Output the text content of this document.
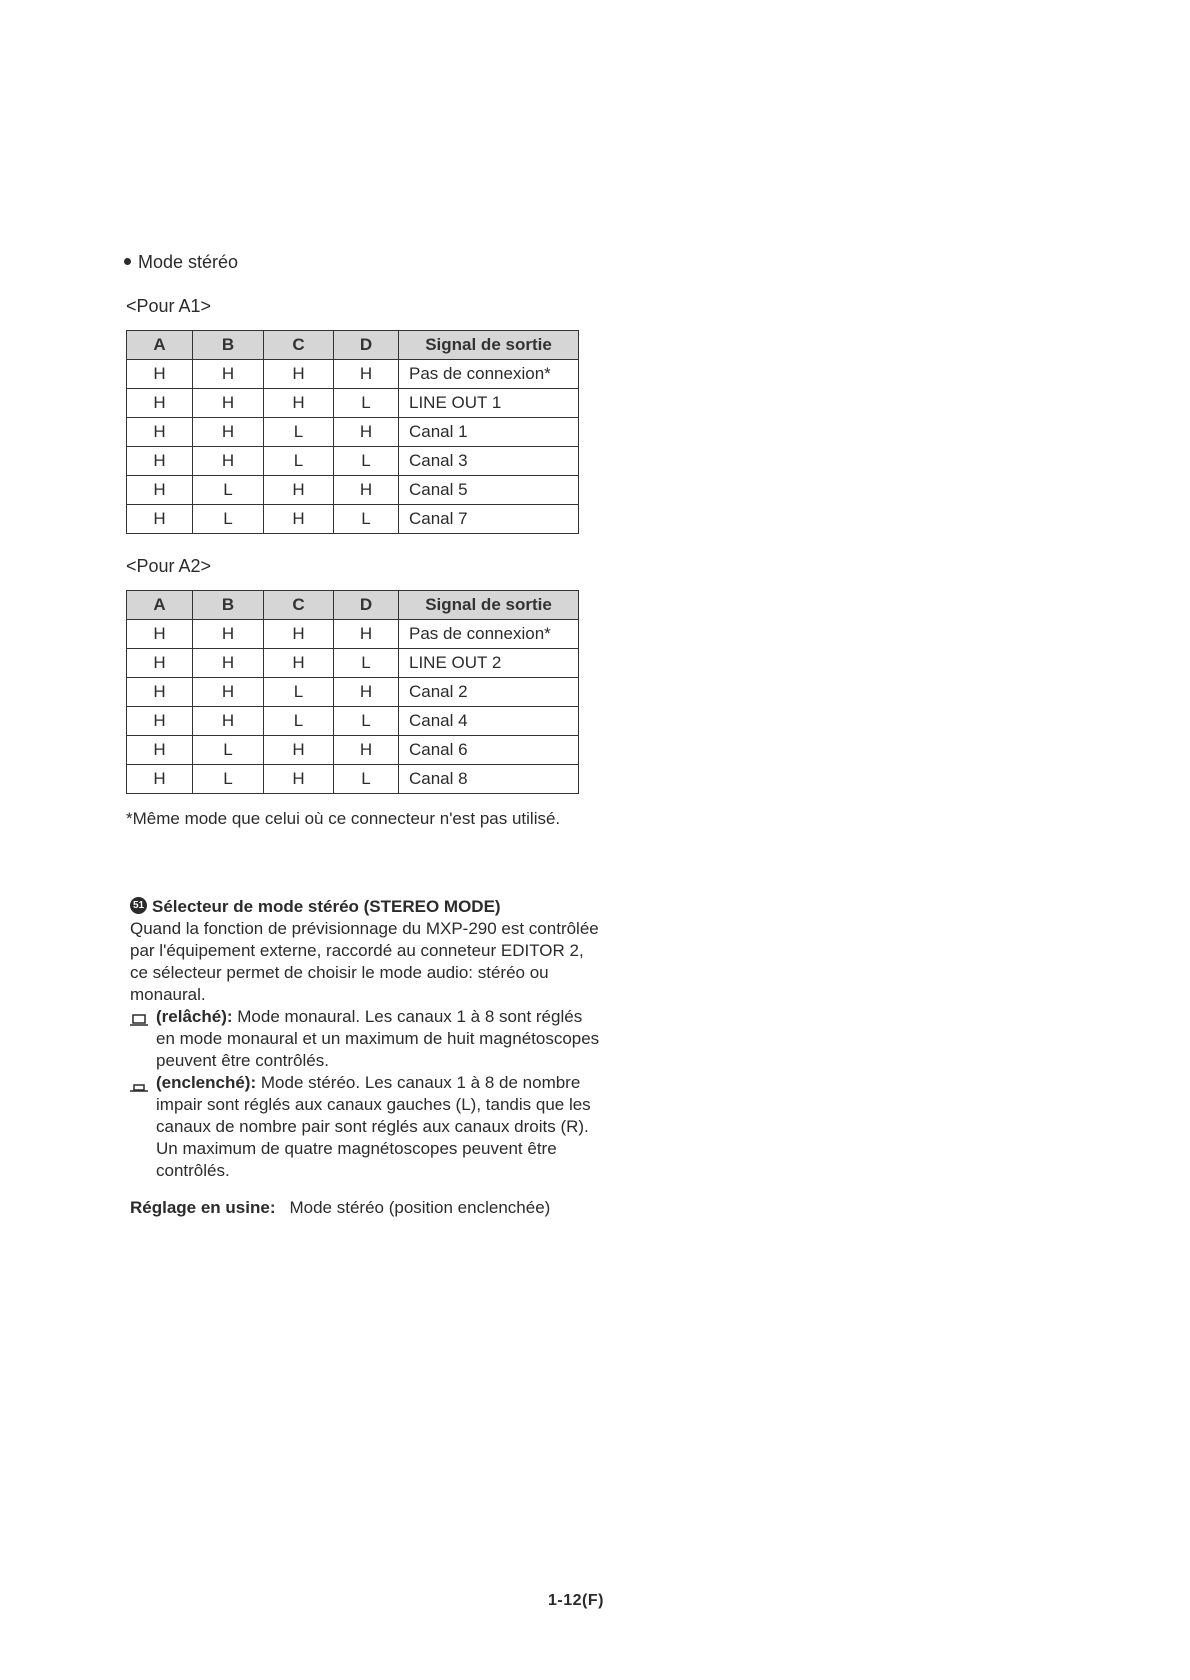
Mode stéréo
<Pour A1>
A	B	C	D	Signal de sortie
H	H	H	H	Pas de connexion*
H	H	H	L	LINE OUT 1
H	H	L	H	Canal 1
H	H	L	L	Canal 3
H	L	H	H	Canal 5
H	L	H	L	Canal 7
<Pour A2>
A	B	C	D	Signal de sortie
H	H	H	H	Pas de connexion*
H	H	H	L	LINE OUT 2
H	H	L	H	Canal 2
H	H	L	L	Canal 4
H	L	H	H	Canal 6
H	L	H	L	Canal 8
*Même mode que celui où ce connecteur n'est pas utilisé.
51 Sélecteur de mode stéréo (STEREO MODE)
Quand la fonction de prévisionnage du MXP-290 est contrôlée par l'équipement externe, raccordé au conneteur EDITOR 2, ce sélecteur permet de choisir le mode audio: stéréo ou monaural.
(relâché): Mode monaural. Les canaux 1 à 8 sont réglés en mode monaural et un maximum de huit magnétoscopes peuvent être contrôlés.
(enclenché): Mode stéréo. Les canaux 1 à 8 de nombre impair sont réglés aux canaux gauches (L), tandis que les canaux de nombre pair sont réglés aux canaux droits (R). Un maximum de quatre magnétoscopes peuvent être contrôlés.
Réglage en usine: Mode stéréo (position enclenchée)
1-12(F)
